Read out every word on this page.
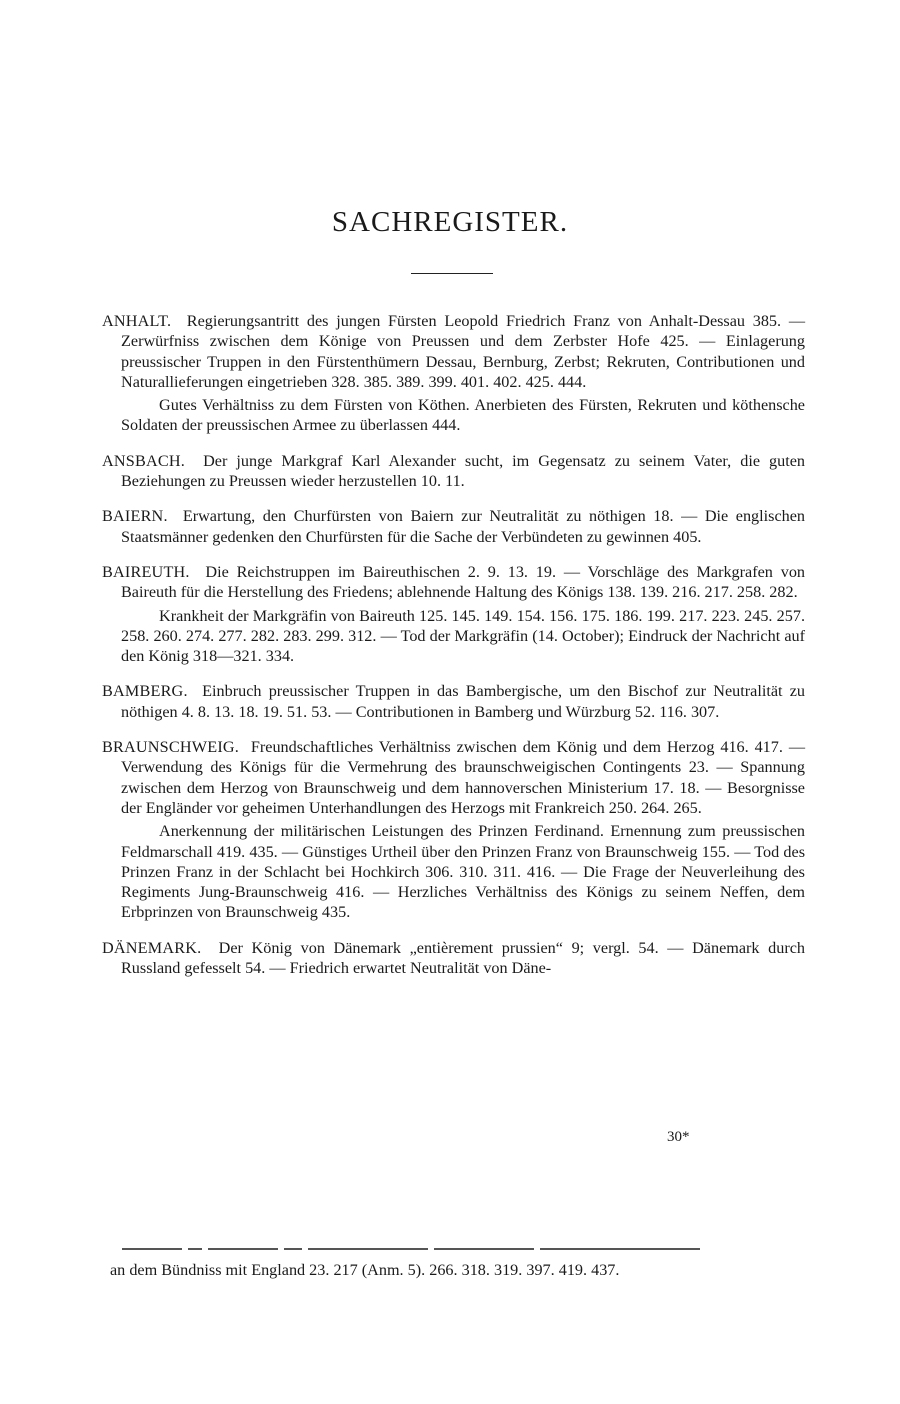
SACHREGISTER.

ANHALT. Regierungsantritt des jungen Fürsten Leopold Friedrich Franz von Anhalt-Dessau 385. — Zerwürfniss zwischen dem Könige von Preussen und dem Zerbster Hofe 425. — Einlagerung preussischer Truppen in den Fürstenthümern Dessau, Bernburg, Zerbst; Rekruten, Contributionen und Naturallieferungen eingetrieben 328. 385. 389. 399. 401. 402. 425. 444.

Gutes Verhältniss zu dem Fürsten von Köthen. Anerbieten des Fürsten, Rekruten und köthensche Soldaten der preussischen Armee zu überlassen 444.

ANSBACH. Der junge Markgraf Karl Alexander sucht, im Gegensatz zu seinem Vater, die guten Beziehungen zu Preussen wieder herzustellen 10. 11.

BAIERN. Erwartung, den Churfürsten von Baiern zur Neutralität zu nöthigen 18. — Die englischen Staatsmänner gedenken den Churfürsten für die Sache der Verbündeten zu gewinnen 405.

BAIREUTH. Die Reichstruppen im Baireuthischen 2. 9. 13. 19. — Vorschläge des Markgrafen von Baireuth für die Herstellung des Friedens; ablehnende Haltung des Königs 138. 139. 216. 217. 258. 282.

Krankheit der Markgräfin von Baireuth 125. 145. 149. 154. 156. 175. 186. 199. 217. 223. 245. 257. 258. 260. 274. 277. 282. 283. 299. 312. — Tod der Markgräfin (14. October); Eindruck der Nachricht auf den König 318—321. 334.

BAMBERG. Einbruch preussischer Truppen in das Bambergische, um den Bischof zur Neutralität zu nöthigen 4. 8. 13. 18. 19. 51. 53. — Contributionen in Bamberg und Würzburg 52. 116. 307.

BRAUNSCHWEIG. Freundschaftliches Verhältniss zwischen dem König und dem Herzog 416. 417. — Verwendung des Königs für die Vermehrung des braunschweigischen Contingents 23. — Spannung zwischen dem Herzog von Braunschweig und dem hannoverschen Ministerium 17. 18. — Besorgnisse der Engländer vor geheimen Unterhandlungen des Herzogs mit Frankreich 250. 264. 265.

Anerkennung der militärischen Leistungen des Prinzen Ferdinand. Ernennung zum preussischen Feldmarschall 419. 435. — Günstiges Urtheil über den Prinzen Franz von Braunschweig 155. — Tod des Prinzen Franz in der Schlacht bei Hochkirch 306. 310. 311. 416. — Die Frage der Neuverleihung des Regiments Jung-Braunschweig 416. — Herzliches Verhältniss des Königs zu seinem Neffen, dem Erbprinzen von Braunschweig 435.

DÄNEMARK. Der König von Dänemark „entièrement prussien“ 9; vergl. 54. — Dänemark durch Russland gefesselt 54. — Friedrich erwartet Neutralität von Däne-

30*
an dem Bündniss mit England 23. 217 (Anm. 5). 266. 318. 319. 397. 419. 437.
